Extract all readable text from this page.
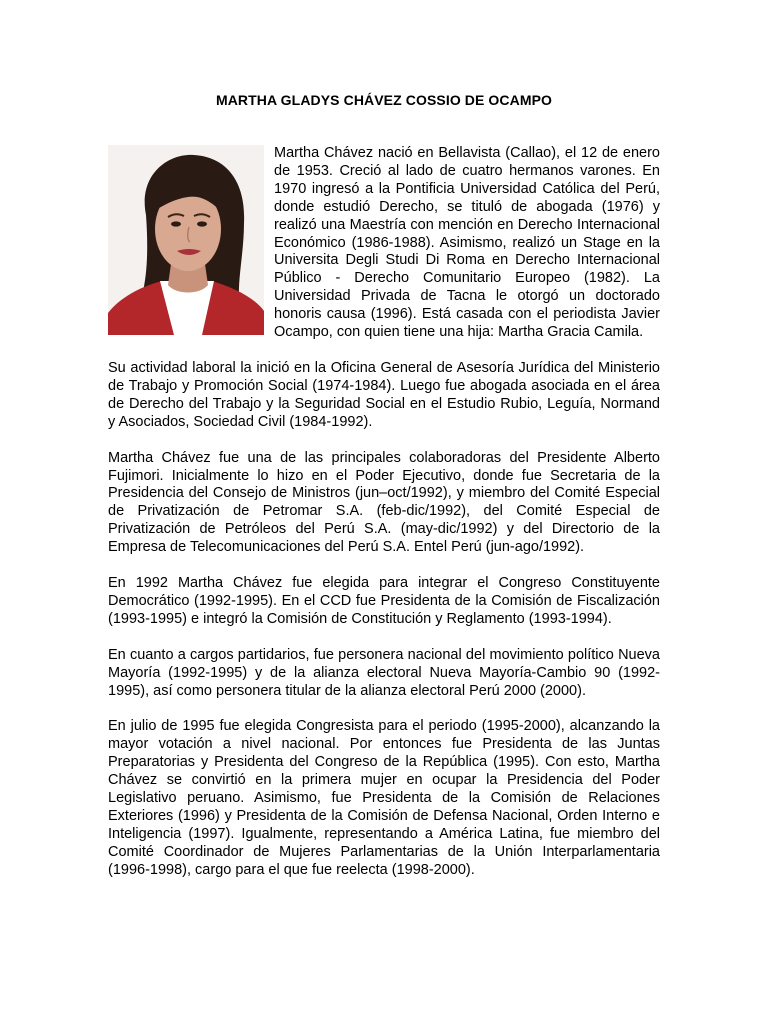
MARTHA GLADYS CHÁVEZ COSSIO DE OCAMPO
Martha Chávez nació en Bellavista (Callao), el 12 de enero de 1953. Creció al lado de cuatro hermanos varones. En 1970 ingresó a la Pontificia Universidad Católica del Perú, donde estudió Derecho, se tituló de abogada (1976) y realizó una Maestría con mención en Derecho Internacional Económico (1986-1988). Asimismo, realizó un Stage en la Universita Degli Studi Di Roma en Derecho Internacional Público - Derecho Comunitario Europeo (1982). La Universidad Privada de Tacna le otorgó un doctorado honoris causa (1996). Está casada con el periodista Javier Ocampo, con quien tiene una hija: Martha Gracia Camila.

Su actividad laboral la inició en la Oficina General de Asesoría Jurídica del Ministerio de Trabajo y Promoción Social (1974-1984). Luego fue abogada asociada en el área de Derecho del Trabajo y la Seguridad Social en el Estudio Rubio, Leguía, Normand y Asociados, Sociedad Civil (1984-1992).

Martha Chávez fue una de las principales colaboradoras del Presidente Alberto Fujimori. Inicialmente lo hizo en el Poder Ejecutivo, donde fue Secretaria de la Presidencia del Consejo de Ministros (jun–oct/1992), y miembro del Comité Especial de Privatización de Petromar S.A. (feb-dic/1992), del Comité Especial de Privatización de Petróleos del Perú S.A. (may-dic/1992) y del Directorio de la Empresa de Telecomunicaciones del Perú S.A. Entel Perú (jun-ago/1992).

En 1992 Martha Chávez fue elegida para integrar el Congreso Constituyente Democrático (1992-1995). En el CCD fue Presidenta de la Comisión de Fiscalización (1993-1995) e integró la Comisión de Constitución y Reglamento (1993-1994).

En cuanto a cargos partidarios, fue personera nacional del movimiento político Nueva Mayoría (1992-1995) y de la alianza electoral Nueva Mayoría-Cambio 90 (1992-1995), así como personera titular de la alianza electoral Perú 2000 (2000).

En julio de 1995 fue elegida Congresista para el periodo (1995-2000), alcanzando la mayor votación a nivel nacional. Por entonces fue Presidenta de las Juntas Preparatorias y Presidenta del Congreso de la República (1995). Con esto, Martha Chávez se convirtió en la primera mujer en ocupar la Presidencia del Poder Legislativo peruano. Asimismo, fue Presidenta de la Comisión de Relaciones Exteriores (1996) y Presidenta de la Comisión de Defensa Nacional, Orden Interno e Inteligencia (1997). Igualmente, representando a América Latina, fue miembro del Comité Coordinador de Mujeres Parlamentarias de la Unión Interparlamentaria (1996-1998), cargo para el que fue reelecta (1998-2000).
